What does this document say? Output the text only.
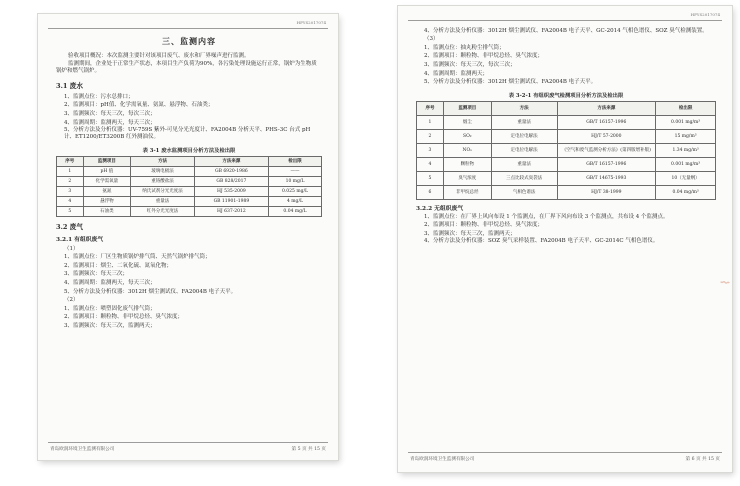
HPYS2017074
三、监测内容

验收项目概况：本次监测主要针对该项目废气、废水和厂界噪声进行监测。

监测期间，企业处于正常生产状态，本项目生产负荷为90%，各污染处理设施运行正常，锅炉为生物质锅炉和燃气锅炉。

3.1 废水

1、监测点位：污水总排口；

2、监测项目：pH值、化学需氧量、氨氮、悬浮物、石油类；

3、监测频次：每天三次，每次三次；

4、监测周期：监测两天，每天三次；

5、分析方法及分析仪器：UV-759S 紫外-可见分光光度计、FA2004B 分析天平、PHS-3C 台式 pH 计、ET1200/ET3200B 红外测油仪。

表 3-1 废水监测项目分析方法及检出限
序号	监测项目	方法	方法来源	检出限
1	pH 值	玻璃电极法	GB 6920-1986	——
2	化学需氧量	重铬酸盐法	GB 828/2017	10 mg/L
3	氨氮	纳氏试剂分光光度法	HJ 535-2009	0.025 mg/L
4	悬浮物	重量法	GB 11901-1989	4 mg/L
5	石油类	红外分光光度法	HJ 637-2012	0.04 mg/L
3.2 废气
3.2.1 有组织废气

（1）

1、监测点位：厂区生物质锅炉排气筒、天然气锅炉排气筒；

2、监测项目：烟尘、二氧化硫、氮氧化物；

3、监测频次：每天三次；

4、监测周期：监测两天，每天三次；

5、分析方法及分析仪器：3012H 烟尘测试仪、FA2004B 电子天平。

（2）

1、监测点位：喷塑固化废气排气筒；

2、监测项目：颗粒物、非甲烷总烃、臭气浓度；

3、监测频次：每天三次，监测两天；

青岛欧润环境卫生监测有限公司	第 5 页 共 15 页
HPYS2017074

4、分析方法及分析仪器：3012H 烟尘测试仪、FA2004B 电子天平、GC-2014 气相色谱仪、SOZ 臭气检测装置。

（3）

1、监测点位：抽丸粉尘排气筒；

2、监测项目：颗粒物、非甲烷总烃、臭气浓度；

3、监测频次：每天三次，每次三次；

4、监测周期：监测两天；

5、分析方法及分析仪器：3012H 烟尘测试仪、FA2004B 电子天平。

表 3-2-1 有组织废气检测项目分析方法及检出限
序号	监测项目	方法	方法来源	检出限
1	烟尘	重量法	GB/T 16157-1996	0.001 mg/m³
2	SO₂	定电位电解法	HJ/T 57-2000	15 mg/m³
3	NOₓ	定电位电解法	《空气和废气监测分析方法》(第四版增补版)	1.34 mg/m³
4	颗粒物	重量法	GB/T 16157-1996	0.001 mg/m³
5	臭气浓度	三点比较式臭袋法	GB/T 14675-1993	10（无量纲）
6	非甲烷总烃	气相色谱法	HJ/T 38-1999	0.04 mg/m³
3.2.2 无组织废气

1、监测点位：在厂界上风向布设 1 个监测点，在厂界下风向布设 3 个监测点，共布设 4 个监测点。

2、监测项目：颗粒物、非甲烷总烃、臭气浓度；

3、监测频次：每天三次，监测两天；

4、分析方法及分析仪器：SOZ 臭气采样装置、FA2004B 电子天平、GC-2014C 气相色谱仪。

⌇
青岛欧润环境卫生监测有限公司	第 6 页 共 15 页
